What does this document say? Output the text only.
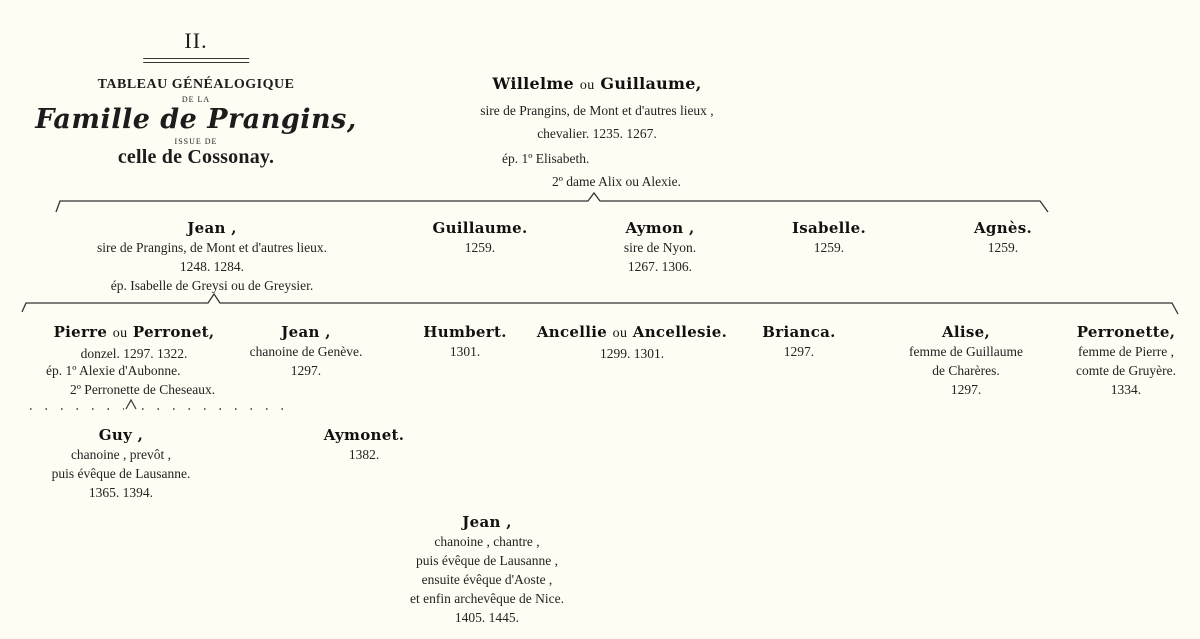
II.
TABLEAU GÉNÉALOGIQUE
DE LA
Famille de Prangins,
ISSUE DE
celle de Cossonay.
Willelme ou Guillaume,
sire de Prangins, de Mont et d'autres lieux ,
chevalier. 1235. 1267.
ép. 1º Elisabeth.
2º dame Alix ou Alexie.
Jean ,
sire de Prangins, de Mont et d'autres lieux.
1248. 1284.
ép. Isabelle de Greysi ou de Greysier.
Guillaume.
1259.
Aymon ,
sire de Nyon.
1267. 1306.
Isabelle.
1259.
Agnès.
1259.
Pierre ou Perronet,
donzel. 1297. 1322.
ép. 1º Alexie d'Aubonne.
2º Perronette de Cheseaux.
Jean ,
chanoine de Genève.
1297.
Humbert.
1301.
Ancellie ou Ancellesie.
1299. 1301.
Brianca.
1297.
Alise,
femme de Guillaume
de Charères.
1297.
Perronette,
femme de Pierre ,
comte de Gruyère.
1334.
Guy ,
chanoine , prevôt ,
puis évêque de Lausanne.
1365. 1394.
Aymonet.
1382.
Jean ,
chanoine , chantre ,
puis évêque de Lausanne ,
ensuite évêque d'Aoste ,
et enfin archevêque de Nice.
1405. 1445.
